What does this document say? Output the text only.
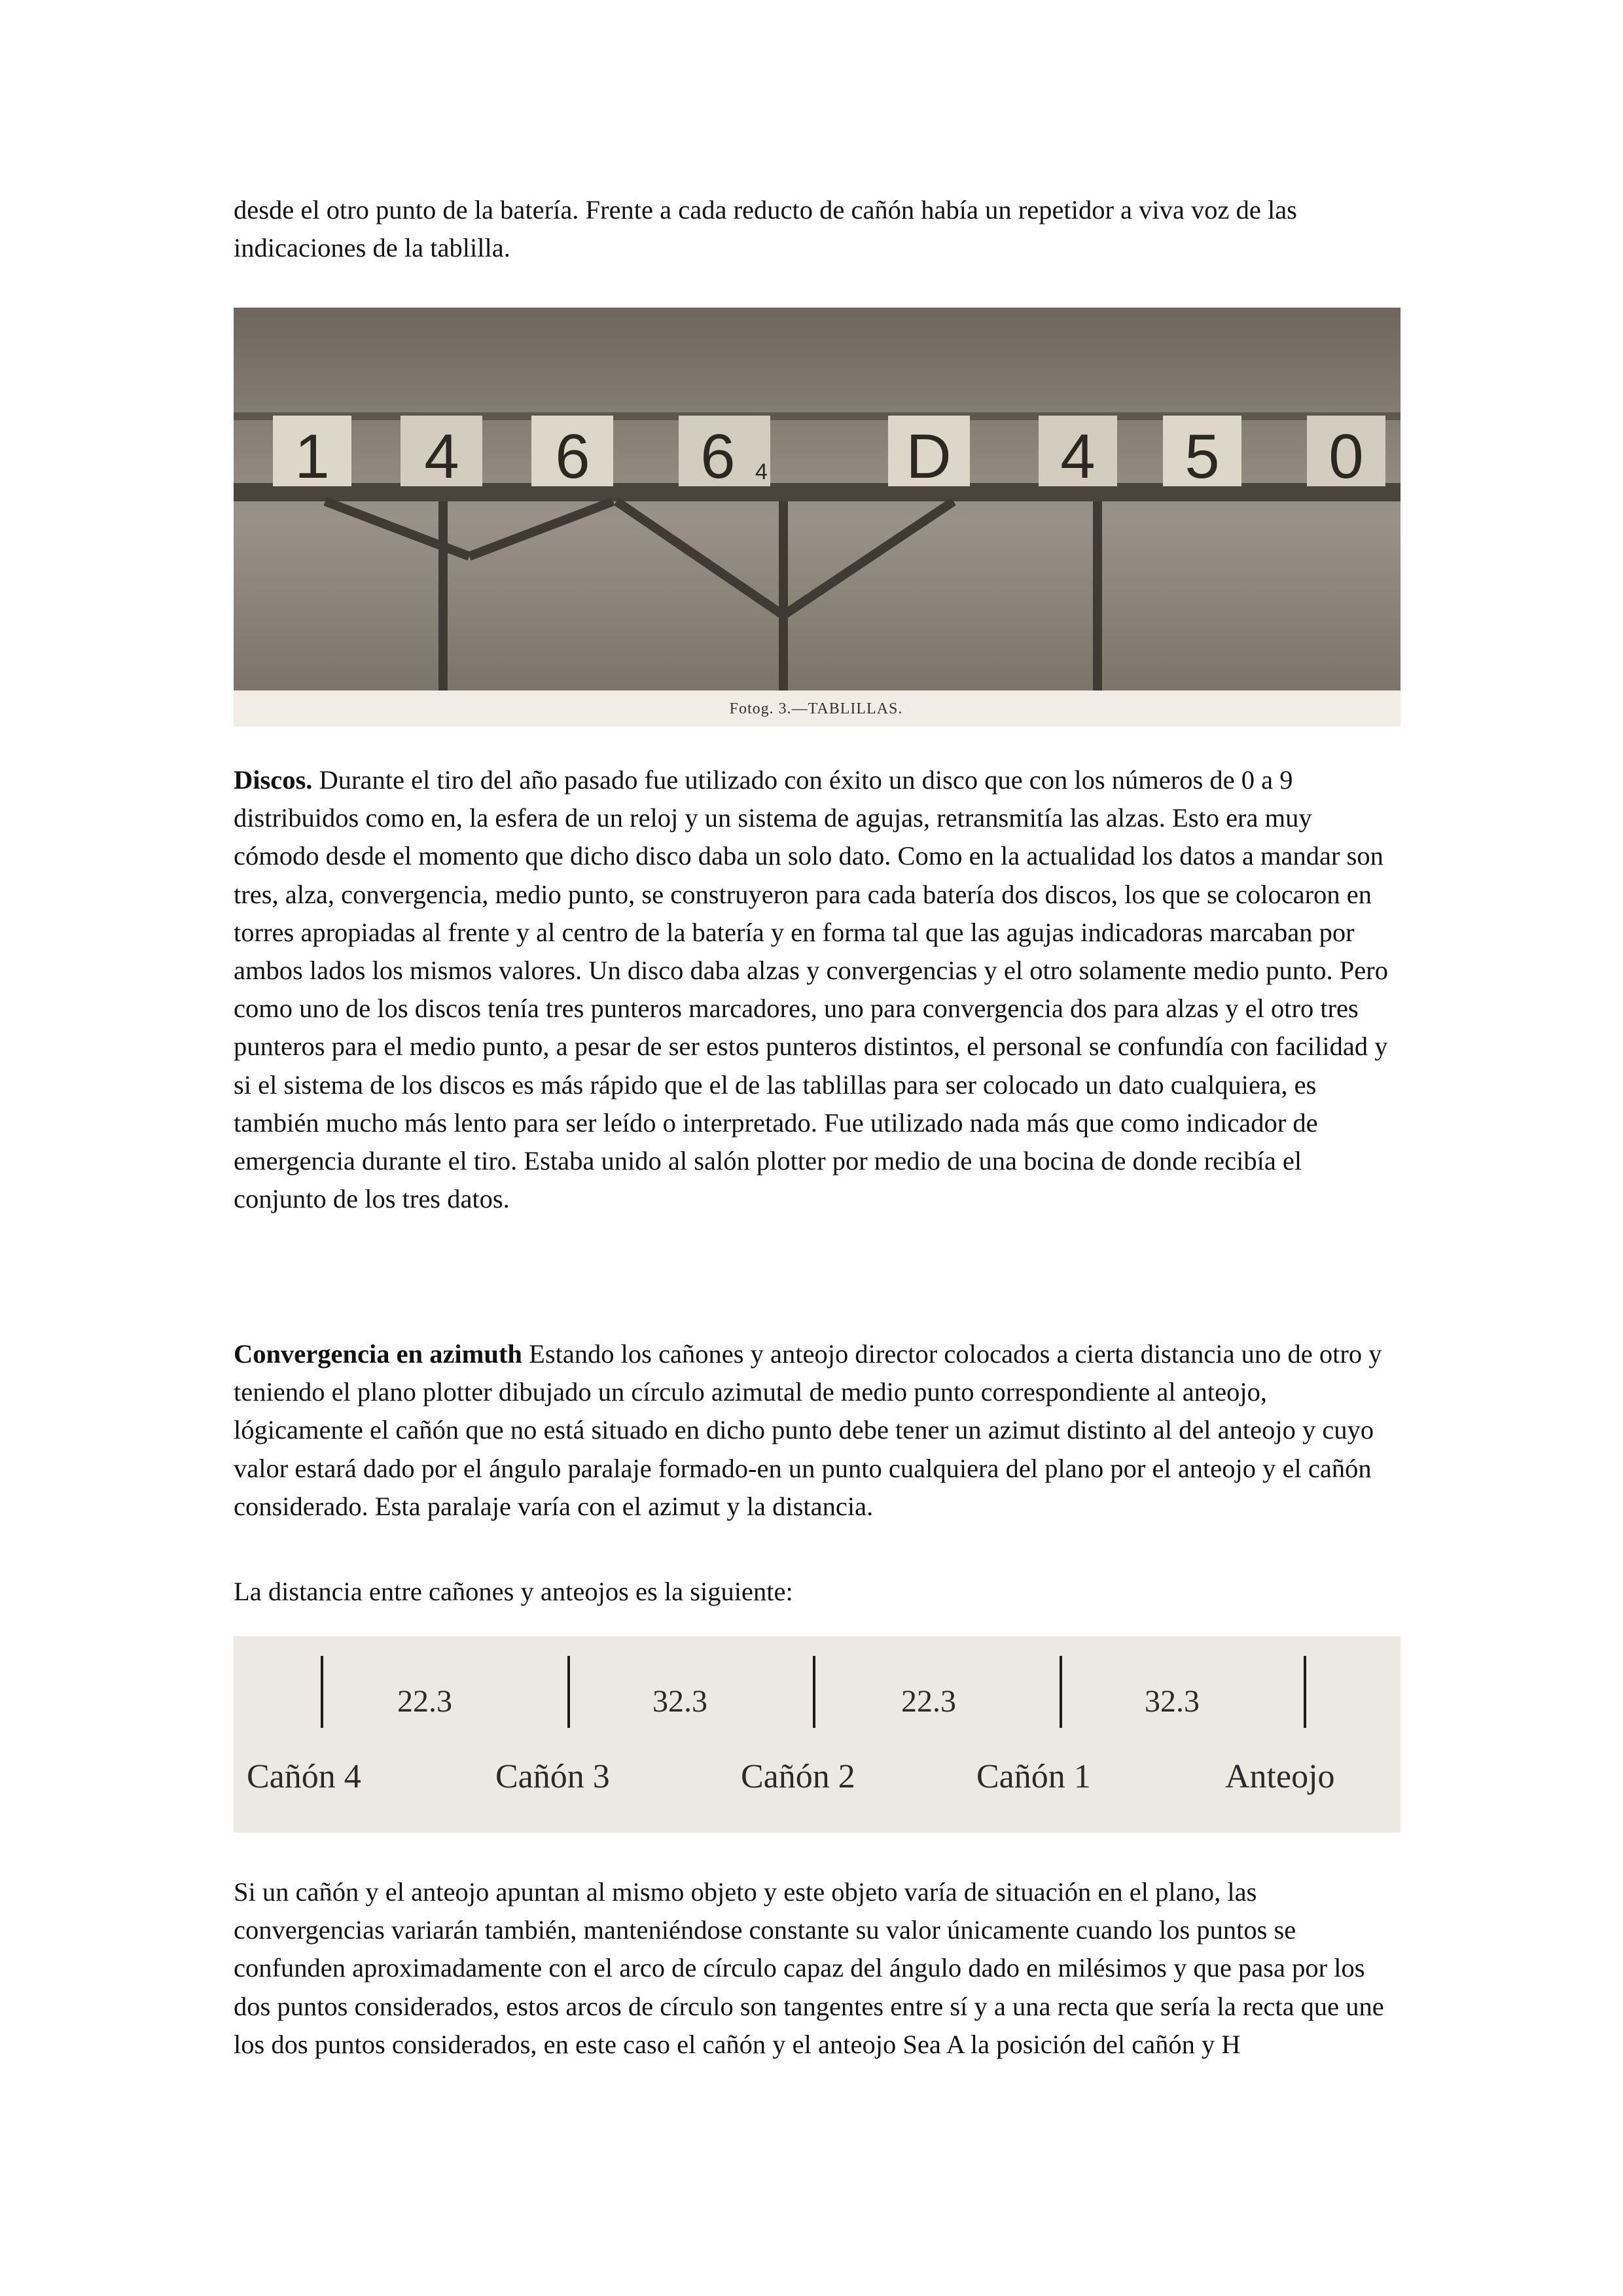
desde el otro punto de la batería. Frente a cada reducto de cañón había un repetidor a viva voz de las indicaciones de la tablilla.

1 4 6 6	D 4 5 0
4
Fotog. 3.—TABLILLAS.

Discos. Durante el tiro del año pasado fue utilizado con éxito un disco que con los números de 0 a 9 distribuidos como en, la esfera de un reloj y un sistema de agujas, retransmitía las alzas. Esto era muy cómodo desde el momento que dicho disco daba un solo dato. Como en la actualidad los datos a mandar son tres, alza, convergencia, medio punto, se construyeron para cada batería dos discos, los que se colocaron en torres apropiadas al frente y al centro de la batería y en forma tal que las agujas indicadoras marcaban por ambos lados los mismos valores. Un disco daba alzas y convergencias y el otro solamente medio punto. Pero como uno de los discos tenía tres punteros marcadores, uno para convergencia dos para alzas y el otro tres punteros para el medio punto, a pesar de ser estos punteros distintos, el personal se confundía con facilidad y si el sistema de los discos es más rápido que el de las tablillas para ser colocado un dato cualquiera, es también mucho más lento para ser leído o interpretado. Fue utilizado nada más que como indicador de emergencia durante el tiro. Estaba unido al salón plotter por medio de una bocina de donde recibía el conjunto de los tres datos.

Convergencia en azimuth Estando los cañones y anteojo director colocados a cierta distancia uno de otro y teniendo el plano plotter dibujado un círculo azimutal de medio punto correspondiente al anteojo, lógicamente el cañón que no está situado en dicho punto debe tener un azimut distinto al del anteojo y cuyo valor estará dado por el ángulo paralaje formado-en un punto cualquiera del plano por el anteojo y el cañón considerado. Esta paralaje varía con el azimut y la distancia.

La distancia entre cañones y anteojos es la siguiente:

22.3	32.3	22.3	32.3
Cañón 4	Cañón 3	Cañón 2	Cañón 1	Anteojo

Si un cañón y el anteojo apuntan al mismo objeto y este objeto varía de situación en el plano, las convergencias variarán también, manteniéndose constante su valor únicamente cuando los puntos se confunden aproximadamente con el arco de círculo capaz del ángulo dado en milésimos y que pasa por los dos puntos considerados, estos arcos de círculo son tangentes entre sí y a una recta que sería la recta que une los dos puntos considerados, en este caso el cañón y el anteojo Sea A la posición del cañón y H
